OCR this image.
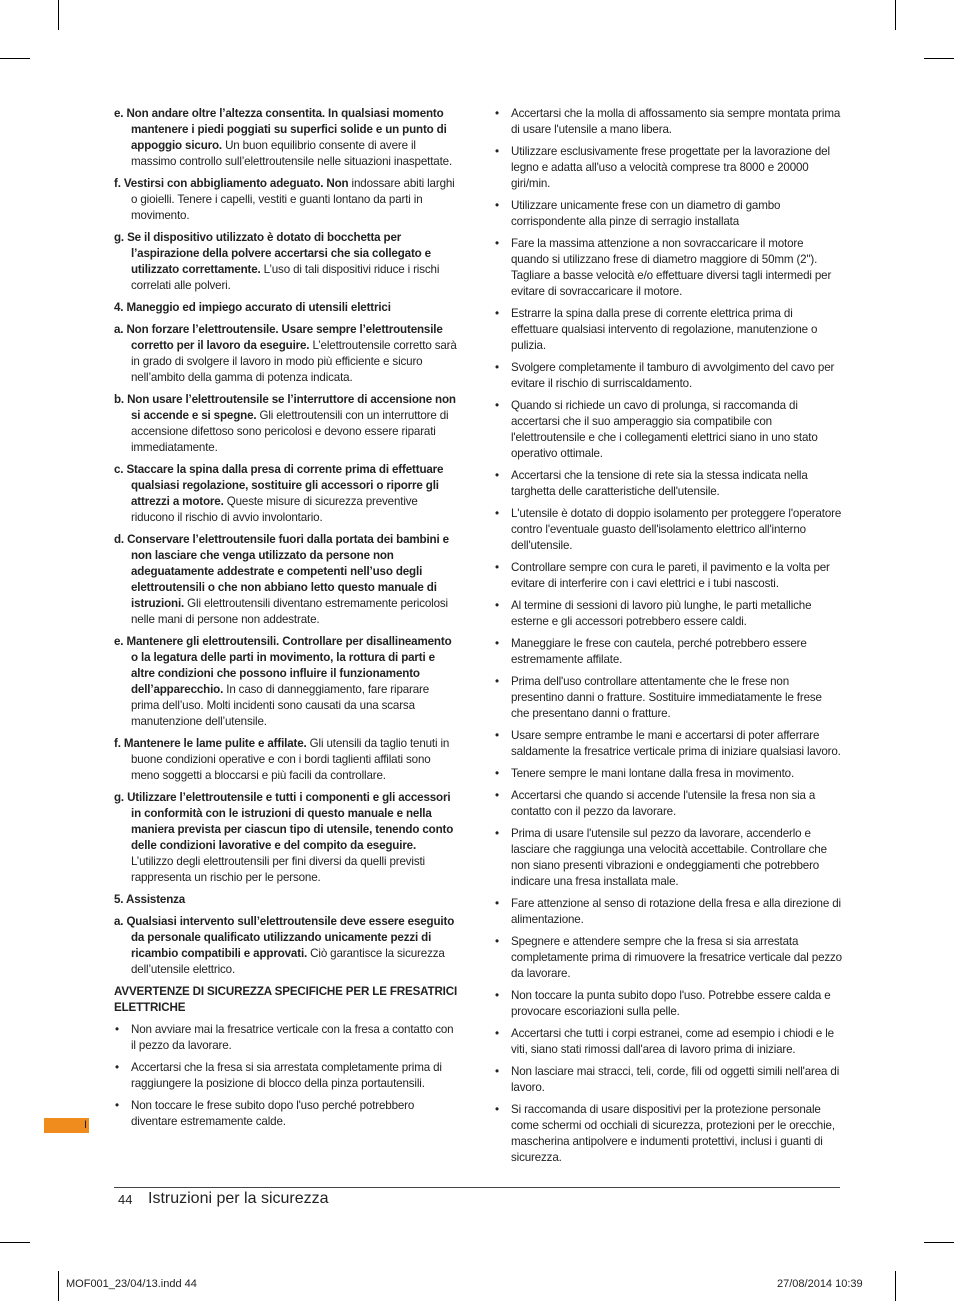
e. Non andare oltre l’altezza consentita. In qualsiasi momento mantenere i piedi poggiati su superfici solide e un punto di appoggio sicuro. Un buon equilibrio consente di avere il massimo controllo sull’elettroutensile nelle situazioni inaspettate.
f. Vestirsi con abbigliamento adeguato. Non indossare abiti larghi o gioielli. Tenere i capelli, vestiti e guanti lontano da parti in movimento.
g. Se il dispositivo utilizzato è dotato di bocchetta per l’aspirazione della polvere accertarsi che sia collegato e utilizzato correttamente. L’uso di tali dispositivi riduce i rischi correlati alle polveri.
4. Maneggio ed impiego accurato di utensili elettrici
a. Non forzare l’elettroutensile. Usare sempre l’elettroutensile corretto per il lavoro da eseguire. L’elettroutensile corretto sarà in grado di svolgere il lavoro in modo più efficiente e sicuro nell’ambito della gamma di potenza indicata.
b. Non usare l’elettroutensile se l’interruttore di accensione non si accende e si spegne. Gli elettroutensili con un interruttore di accensione difettoso sono pericolosi e devono essere riparati immediatamente.
c. Staccare la spina dalla presa di corrente prima di effettuare qualsiasi regolazione, sostituire gli accessori o riporre gli attrezzi a motore. Queste misure di sicurezza preventive riducono il rischio di avvio involontario.
d. Conservare l’elettroutensile fuori dalla portata dei bambini e non lasciare che venga utilizzato da persone non adeguatamente addestrate e competenti nell’uso degli elettroutensili o che non abbiano letto questo manuale di istruzioni. Gli elettroutensili diventano estremamente pericolosi nelle mani di persone non addestrate.
e. Mantenere gli elettroutensili. Controllare per disallineamento o la legatura delle parti in movimento, la rottura di parti e altre condizioni che possono influire il funzionamento dell’apparecchio. In caso di danneggiamento, fare riparare prima dell’uso. Molti incidenti sono causati da una scarsa manutenzione dell’utensile.
f. Mantenere le lame pulite e affilate. Gli utensili da taglio tenuti in buone condizioni operative e con i bordi taglienti affilati sono meno soggetti a bloccarsi e più facili da controllare.
g. Utilizzare l’elettroutensile e tutti i componenti e gli accessori in conformità con le istruzioni di questo manuale e nella maniera prevista per ciascun tipo di utensile, tenendo conto delle condizioni lavorative e del compito da eseguire. L’utilizzo degli elettroutensili per fini diversi da quelli previsti rappresenta un rischio per le persone.
5. Assistenza
a. Qualsiasi intervento sull’elettroutensile deve essere eseguito da personale qualificato utilizzando unicamente pezzi di ricambio compatibili e approvati. Ciò garantisce la sicurezza dell’utensile elettrico.
AVVERTENZE DI SICUREZZA SPECIFICHE PER LE FRESATRICI ELETTRICHE
• Non avviare mai la fresatrice verticale con la fresa a contatto con il pezzo da lavorare.
• Accertarsi che la fresa si sia arrestata completamente prima di raggiungere la posizione di blocco della pinza portautensili.
• Non toccare le frese subito dopo l'uso perché potrebbero diventare estremamente calde.
• Accertarsi che la molla di affossamento sia sempre montata prima di usare l'utensile a mano libera.
• Utilizzare esclusivamente frese progettate per la lavorazione del legno e adatta all'uso a velocità comprese tra 8000 e 20000 giri/min.
• Utilizzare unicamente frese con un diametro di gambo corrispondente alla pinze di serragio installata
• Fare la massima attenzione a non sovraccaricare il motore quando si utilizzano frese di diametro maggiore di 50mm (2"). Tagliare a basse velocità e/o effettuare diversi tagli intermedi per evitare di sovraccaricare il motore.
• Estrarre la spina dalla prese di corrente elettrica prima di effettuare qualsiasi intervento di regolazione, manutenzione o pulizia.
• Svolgere completamente il tamburo di avvolgimento del cavo per evitare il rischio di surriscaldamento.
• Quando si richiede un cavo di prolunga, si raccomanda di accertarsi che il suo amperaggio sia compatibile con l'elettroutensile e che i collegamenti elettrici siano in uno stato operativo ottimale.
• Accertarsi che la tensione di rete sia la stessa indicata nella targhetta delle caratteristiche dell'utensile.
• L'utensile è dotato di doppio isolamento per proteggere l'operatore contro l'eventuale guasto dell'isolamento elettrico all'interno dell'utensile.
• Controllare sempre con cura le pareti, il pavimento e la volta per evitare di interferire con i cavi elettrici e i tubi nascosti.
• Al termine di sessioni di lavoro più lunghe, le parti metalliche esterne e gli accessori potrebbero essere caldi.
• Maneggiare le frese con cautela, perché potrebbero essere estremamente affilate.
• Prima dell'uso controllare attentamente che le frese non presentino danni o fratture. Sostituire immediatamente le frese che presentano danni o fratture.
• Usare sempre entrambe le mani e accertarsi di poter afferrare saldamente la fresatrice verticale prima di iniziare qualsiasi lavoro.
• Tenere sempre le mani lontane dalla fresa in movimento.
• Accertarsi che quando si accende l'utensile la fresa non sia a contatto con il pezzo da lavorare.
• Prima di usare l'utensile sul pezzo da lavorare, accenderlo e lasciare che raggiunga una velocità accettabile. Controllare che non siano presenti vibrazioni e ondeggiamenti che potrebbero indicare una fresa installata male.
• Fare attenzione al senso di rotazione della fresa e alla direzione di alimentazione.
• Spegnere e attendere sempre che la fresa si sia arrestata completamente prima di rimuovere la fresatrice verticale dal pezzo da lavorare.
• Non toccare la punta subito dopo l'uso. Potrebbe essere calda e provocare escoriazioni sulla pelle.
• Accertarsi che tutti i corpi estranei, come ad esempio i chiodi e le viti, siano stati rimossi dall'area di lavoro prima di iniziare.
• Non lasciare mai stracci, teli, corde, fili od oggetti simili nell'area di lavoro.
• Si raccomanda di usare dispositivi per la protezione personale come schermi od occhiali di sicurezza, protezioni per le orecchie, mascherina antipolvere e indumenti protettivi, inclusi i guanti di sicurezza.
I
44 Istruzioni per la sicurezza
MOF001_23/04/13.indd 44	27/08/2014 10:39
